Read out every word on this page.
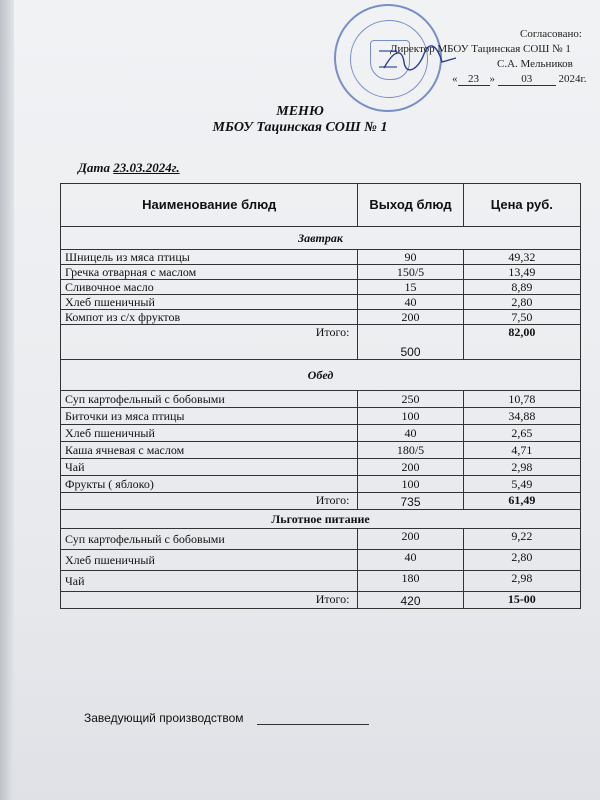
Согласовано:
Директор МБОУ Тацинская СОШ № 1
С.А. Мельников
« 23 » 03 2024г.
МЕНЮ
МБОУ Тацинская СОШ № 1
Дата 23.03.2024г.
Наименование блюд	Выход блюд	Цена руб.
Завтрак		
Шницель из мяса птицы	90	49,32
Гречка отварная с маслом	150/5	13,49
Сливочное масло	15	8,89
Хлеб пшеничный	40	2,80
Компот из с/х фруктов	200	7,50
Итого:	500	82,00
Обед		
Суп картофельный с бобовыми	250	10,78
Битoчки из мяса птицы	100	34,88
Хлеб пшеничный	40	2,65
Каша ячневая с маслом	180/5	4,71
Чай	200	2,98
Фрукты ( яблоко)	100	5,49
Итого:	735	61,49
Льготное питание		
Суп картофельный с бобовыми	200	9,22
Хлеб пшеничный	40	2,80
Чай	180	2,98
Итого:	420	15-00
Заведующий производством
